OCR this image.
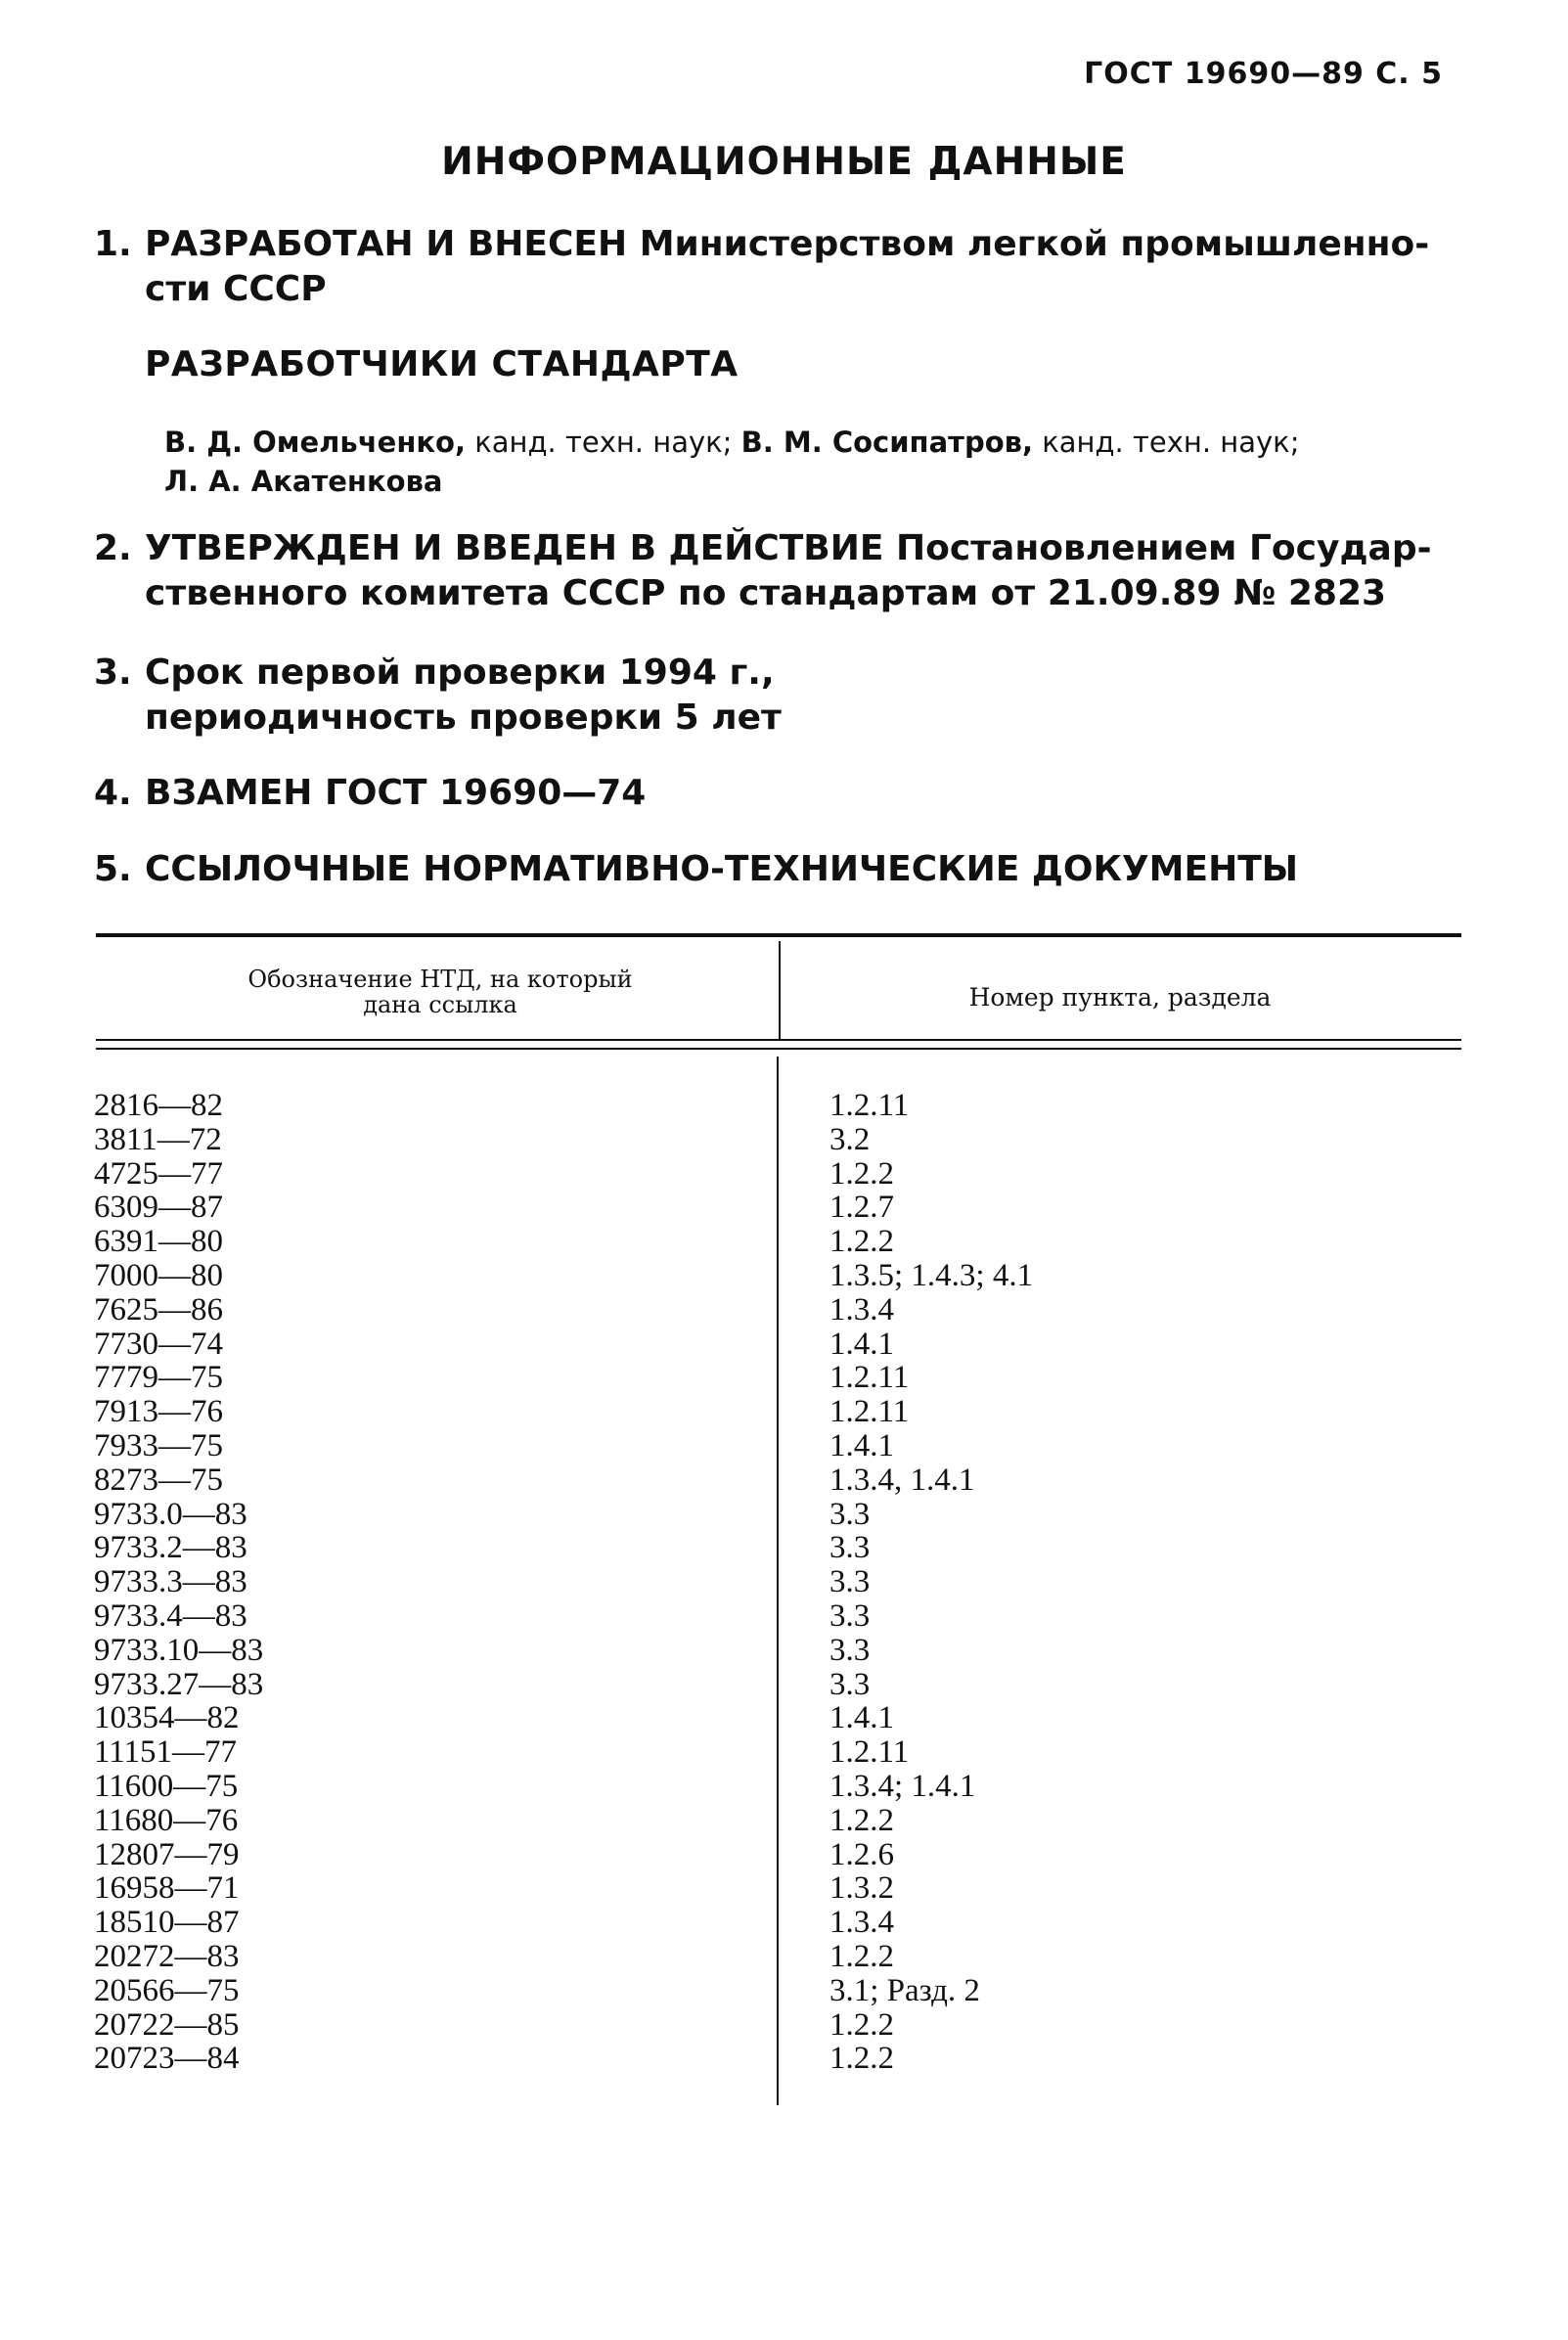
ГОСТ 19690—89 С. 5
ИНФОРМАЦИОННЫЕ ДАННЫЕ
1. РАЗРАБОТАН И ВНЕСЕН Министерством легкой промышленно-сти СССР
РАЗРАБОТЧИКИ СТАНДАРТА
В. Д. Омельченко, канд. техн. наук; В. М. Сосипатров, канд. техн. наук;
Л. А. Акатенкова
2. УТВЕРЖДЕН И ВВЕДЕН В ДЕЙСТВИЕ Постановлением Государ-ственного комитета СССР по стандартам от 21.09.89 № 2823
3. Срок первой проверки 1994 г.,
периодичность проверки 5 лет
4. ВЗАМЕН ГОСТ 19690—74
5. ССЫЛОЧНЫЕ НОРМАТИВНО-ТЕХНИЧЕСКИЕ ДОКУМЕНТЫ
Обозначение НТД, на который
дана ссылка	Номер пункта, раздела
2816—82	1.2.11
3811—72	3.2
4725—77	1.2.2
6309—87	1.2.7
6391—80	1.2.2
7000—80	1.3.5; 1.4.3; 4.1
7625—86	1.3.4
7730—74	1.4.1
7779—75	1.2.11
7913—76	1.2.11
7933—75	1.4.1
8273—75	1.3.4, 1.4.1
9733.0—83	3.3
9733.2—83	3.3
9733.3—83	3.3
9733.4—83	3.3
9733.10—83	3.3
9733.27—83	3.3
10354—82	1.4.1
11151—77	1.2.11
11600—75	1.3.4; 1.4.1
11680—76	1.2.2
12807—79	1.2.6
16958—71	1.3.2
18510—87	1.3.4
20272—83	1.2.2
20566—75	3.1; Разд. 2
20722—85	1.2.2
20723—84	1.2.2
